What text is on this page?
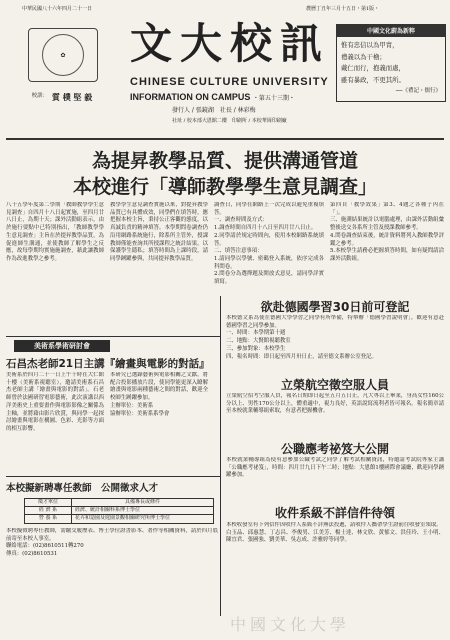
中華民國八十六年四月二十一日	農曆丁丑年三月十五日・第1版・
✿
校訓： 質 樸 堅 毅
文大校訊
CHINESE CULTURE UNIVERSITY
INFORMATION ON CAMPUS ・第五十三期・
發行人 / 張鏡湖　社長 / 林彩梅
社址 / 校本部大恩館二樓　印刷所 / 本校華岡印刷廠
中國文化蔚為新粹
惟有忠信以為甲胄，
禮義以為干櫓；
戴仁而行，抱義而處，
雖有暴政，不更其所。
──《禮記・儒行》
為提昇教學品質、提供溝通管道
本校進行「導師教學學生意見調查」
八十五學年度第二學期「教師教學學生意見調查」自四月十八日起實施，至四月廿八日止，為期十天；課外活動組表示，由於施行要點中已特別指出，「教師教學學生意見調查」主旨在於提昇教學品質，為促進師生溝通，並使教師了解學生之反應，故每學期均實施施調查，藉此讓教師作為改進教學之參考。
教學學生意見調查實施以來，對提昇教學品質已有具體成效，同學們在填答時，應把握本校主旨，秉持公正客觀的態度，以真誠負責的精神填答。本學期問卷調查仍沿用網路系統施行，除系所主管外，授課教師僅能查詢其所授課程之統計結果，以保護學生隱私；填答時間為上課時段，請同學踴躍參與，共同提昇教學品質。
調查日，同學在網路上一次完成以避免重複填答。
一、調查時間及方式：
1.調查時間自四月十八日至四月廿八日止。
2.同學請於規定時間內，使用本校網路系統填答。
二、填答注意事項：
1.請同學以學號、密碼登入系統，依序完成各科問卷。
2.問卷分為選擇題及開放式意見，請同學詳實填寫。
第四頁「教學效果」第3、4題之各種子內在「」。
三、施測結果統計以電腦處理，由課外活動組彙整後送交各系所主管及授課教師參考。
4.問卷調查結束後，統計資料將列入教師教學評鑑之參考。
5.本校學生請務必把握填答時間，如有疑問請洽課外活動組。
美術系學術研討會
石昌杰老師21日主講『繪畫與電影的對話』
美術系於四月二十一日上午十時在大仁館十樓（美術系視聽室），邀請美術系石昌杰老師主講「繪畫與電影的對話」。石老師曾於法國研習電影藝術，此次演講以西洋美術史上重要畫作與電影影像之關係為主軸，並將藉由影片欣賞，與同學一起探討繪畫與電影在構圖、色彩、光影等方面的相互影響。
本研究已選錄藝術與電影相關之文獻，將配合投影播放片段，使同學能更深入瞭解繪畫與電影兩種藝術之間的對話，歡迎全校師生踴躍參加。
主辦單位：美術系
協辦單位：美術系系學會
欲赴德國學習30日前可登記
本校德文系為使在德國大學學習之同學有所準備，特舉辦「德國學習說明會」，歡迎有意赴德國學習之同學參加。
一、時間：本學期第十週
二、地點：大賢館視聽教室
三、參加對象：本校學生
四、報名時間：即日起至四月卅日止，請至德文系辦公室登記。
立榮航空徵空服人員
立榮航空招考空服人員，報名日期即日起至五月五日止，凡大專以上畢業，身高女性160公分以上、男性170公分以上，體重適中，視力良好，英語說寫流利者皆可報名。報名簡章請至本校就業輔導組索取，有意者把握機會。
公職應考祕笈大公開
本校就業輔導組為使有意參加公職考試之同學了解考試相關資訊，特邀請考試院專家主講「公職應考祕笈」，時間：四月廿九日下午二時；地點：大恩館1樓國際會議廳，歡迎同學踴躍參加。
收件系級不詳信件待領
本校收發室有下列信件因收件人系級不詳無法投遞，請收件人攜帶學生證前往收發室領取。
白玉品、邱惠慧、丁志昌、李俊男、江美芳、楊士達、林文欣、黃郁文、洪佳玲、王小明、陳宜君、張國強、劉美華、吳志成、許雅婷等同學。
本校擬新聘專任教師　公開徵求人才
徵才單位	具備專長或條件
經 濟 系	經濟、統計相關科系博士學位
營 養 系	花卉和造園及庭園景觀相關研究所博士學位
本校擬徵聘專任教師，需繳交履歷表、博士學位證書影本、著作等相關資料，請於四月底前寄至本校人事室。
聯絡電話：(02)8610511轉270
傳真：(02)8610531
中國文化大學
